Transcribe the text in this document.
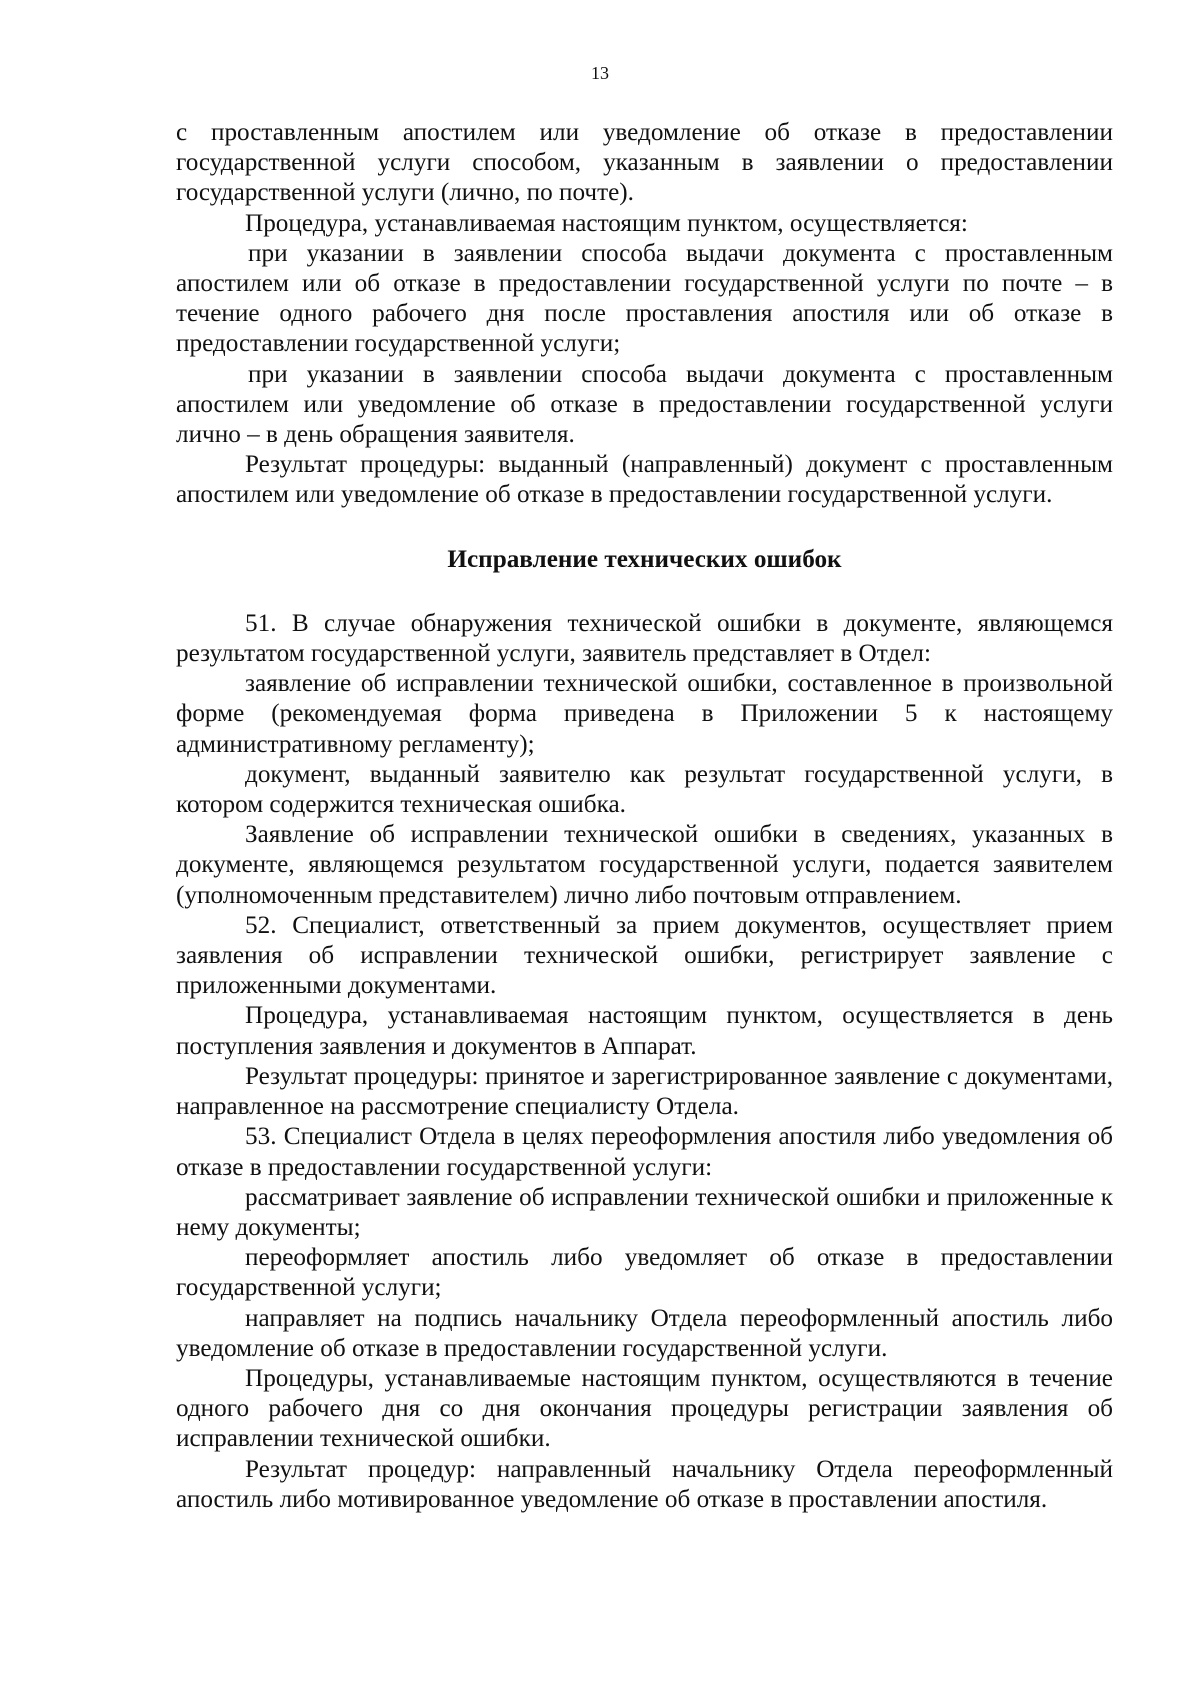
13

с проставленным апостилем или уведомление об отказе в предоставлении государственной услуги способом, указанным в заявлении о предоставлении государственной услуги (лично, по почте).

Процедура, устанавливаемая настоящим пунктом, осуществляется:

при указании в заявлении способа выдачи документа с проставленным апостилем или об отказе в предоставлении государственной услуги по почте – в течение одного рабочего дня после проставления апостиля или об отказе в предоставлении государственной услуги;

при указании в заявлении способа выдачи документа с проставленным апостилем или уведомление об отказе в предоставлении государственной услуги лично – в день обращения заявителя.

Результат процедуры: выданный (направленный) документ с проставленным апостилем или уведомление об отказе в предоставлении государственной услуги.

Исправление технических ошибок

51. В случае обнаружения технической ошибки в документе, являющемся результатом государственной услуги, заявитель представляет в Отдел:

заявление об исправлении технической ошибки, составленное в произвольной форме (рекомендуемая форма приведена в Приложении 5 к настоящему административному регламенту);

документ, выданный заявителю как результат государственной услуги, в котором содержится техническая ошибка.

Заявление об исправлении технической ошибки в сведениях, указанных в документе, являющемся результатом государственной услуги, подается заявителем (уполномоченным представителем) лично либо почтовым отправлением.

52. Специалист, ответственный за прием документов, осуществляет прием заявления об исправлении технической ошибки, регистрирует заявление с приложенными документами.

Процедура, устанавливаемая настоящим пунктом, осуществляется в день поступления заявления и документов в Аппарат.

Результат процедуры: принятое и зарегистрированное заявление с документами, направленное на рассмотрение специалисту Отдела.

53. Специалист Отдела в целях переоформления апостиля либо уведомления об отказе в предоставлении государственной услуги:

рассматривает заявление об исправлении технической ошибки и приложенные к нему документы;

переоформляет апостиль либо уведомляет об отказе в предоставлении государственной услуги;

направляет на подпись начальнику Отдела переоформленный апостиль либо уведомление об отказе в предоставлении государственной услуги.

Процедуры, устанавливаемые настоящим пунктом, осуществляются в течение одного рабочего дня со дня окончания процедуры регистрации заявления об исправлении технической ошибки.

Результат процедур: направленный начальнику Отдела переоформленный апостиль либо мотивированное уведомление об отказе в проставлении апостиля.
